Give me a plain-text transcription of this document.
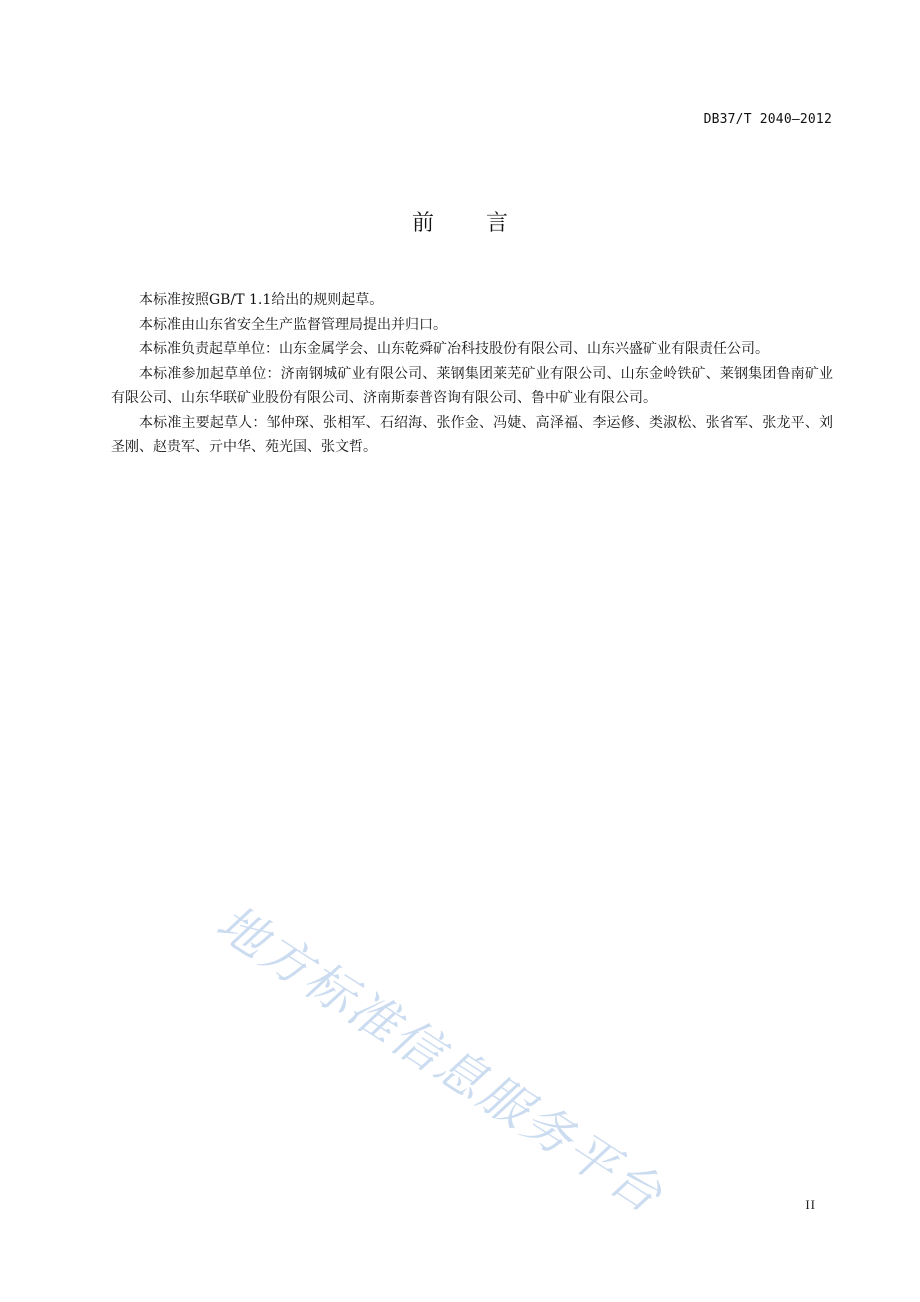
DB37/T 2040—2012
前言

本标准按照GB/T 1.1给出的规则起草。

本标准由山东省安全生产监督管理局提出并归口。

本标准负责起草单位：山东金属学会、山东乾舜矿冶科技股份有限公司、山东兴盛矿业有限责任公司。

本标准参加起草单位：济南钢城矿业有限公司、莱钢集团莱芜矿业有限公司、山东金岭铁矿、莱钢集团鲁南矿业有限公司、山东华联矿业股份有限公司、济南斯泰普咨询有限公司、鲁中矿业有限公司。

本标准主要起草人：邹仲琛、张相军、石绍海、张作金、冯婕、高泽福、李运修、类淑松、张省军、张龙平、刘圣刚、赵贵军、亓中华、苑光国、张文哲。

地方标准信息服务平台	II
